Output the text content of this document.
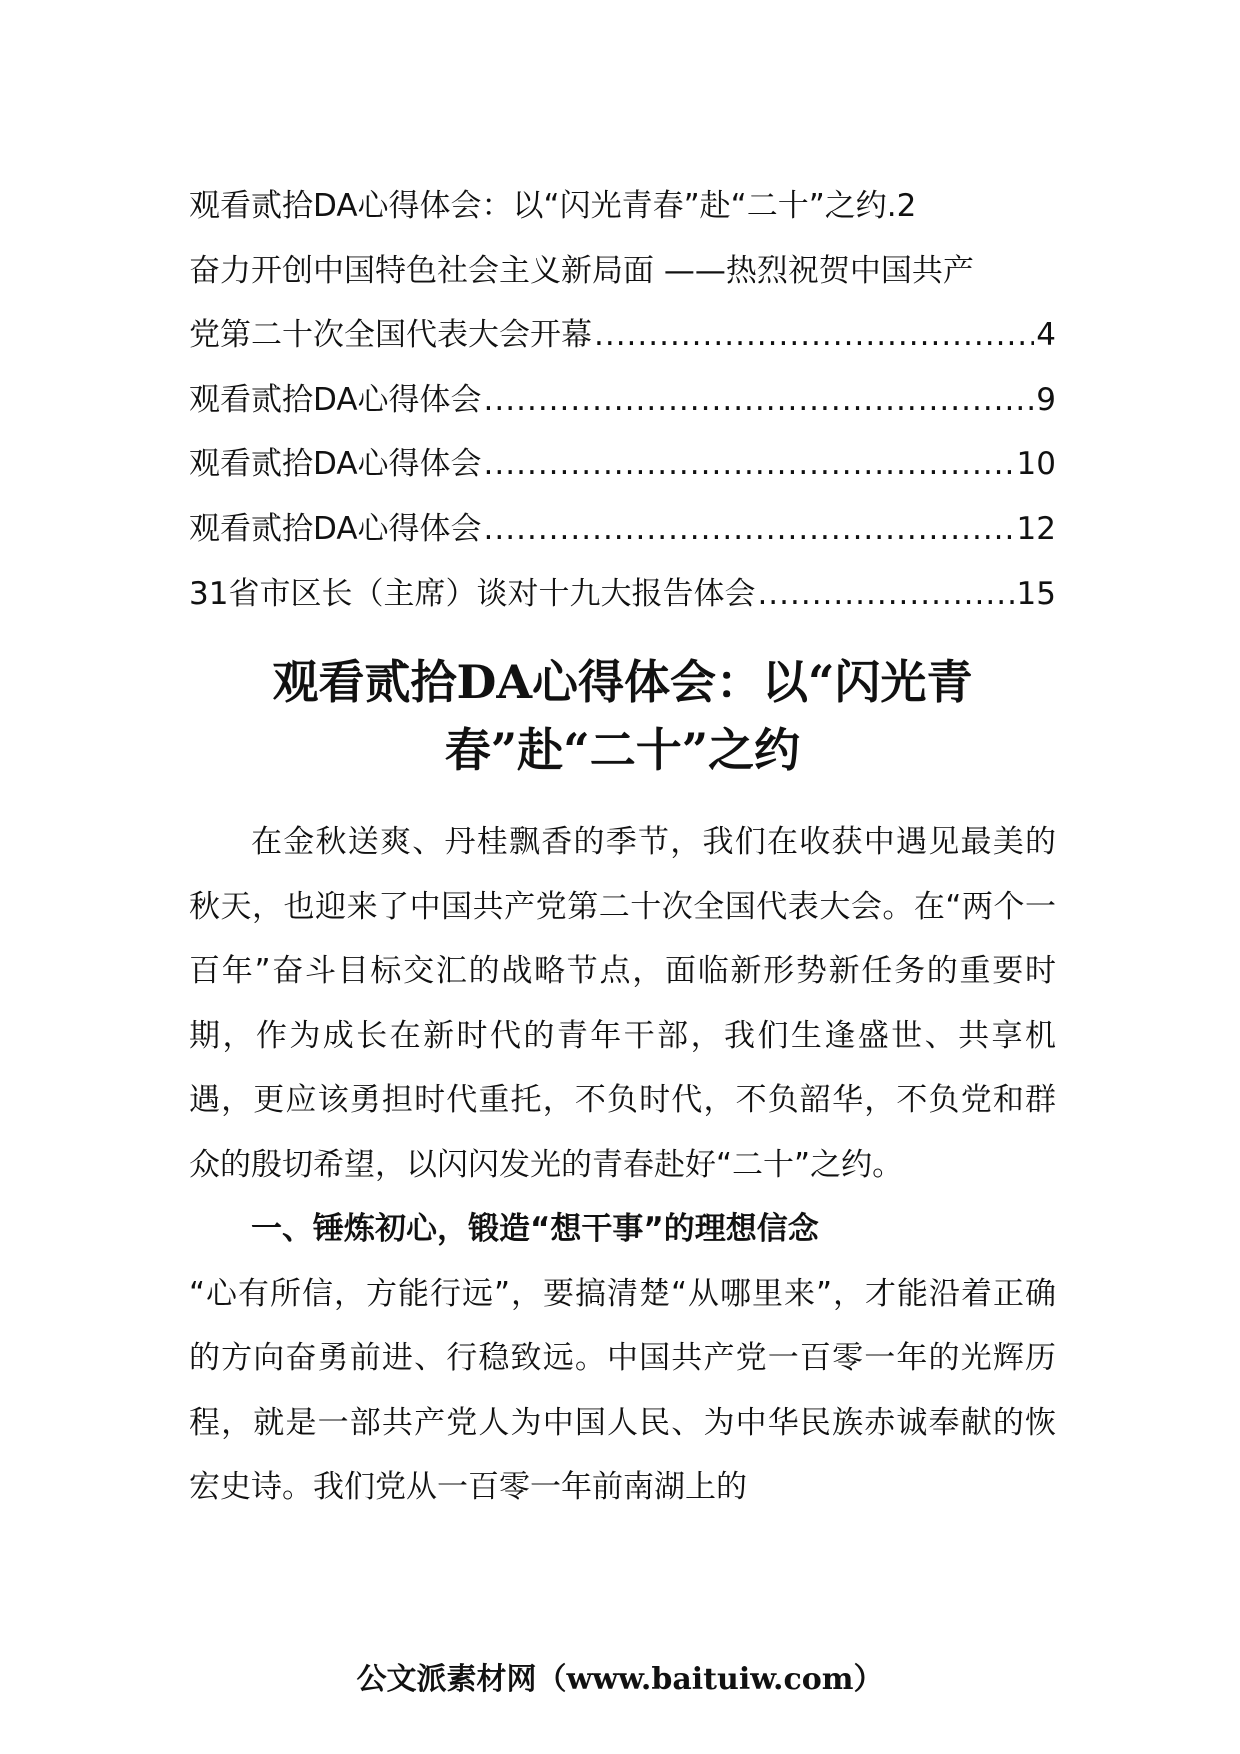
观看贰拾DA心得体会：以“闪光青春”赴“二十”之约. 2
奋力开创中国特色社会主义新局面 ——热烈祝贺中国共产
党第二十次全国代表大会开幕 .....	4
观看贰拾DA心得体会 .....	9
观看贰拾DA心得体会 .....	10
观看贰拾DA心得体会 .....	12
31省市区长（主席）谈对十九大报告体会 .....	15
观看贰拾DA心得体会：以“闪光青
春”赴“二十”之约

在金秋送爽、丹桂飘香的季节，我们在收获中遇见最美的秋天，也迎来了中国共产党第二十次全国代表大会。在“两个一百年”奋斗目标交汇的战略节点，面临新形势新任务的重要时期，作为成长在新时代的青年干部，我们生逢盛世、共享机遇，更应该勇担时代重托，不负时代，不负韶华，不负党和群众的殷切希望，以闪闪发光的青春赴好“二十”之约。

一、锤炼初心，锻造“想干事”的理想信念

“心有所信，方能行远”，要搞清楚“从哪里来”，才能沿着正确的方向奋勇前进、行稳致远。中国共产党一百零一年的光辉历程，就是一部共产党人为中国人民、为中华民族赤诚奉献的恢宏史诗。我们党从一百零一年前南湖上的

公文派素材网（www.baituiw.com）
